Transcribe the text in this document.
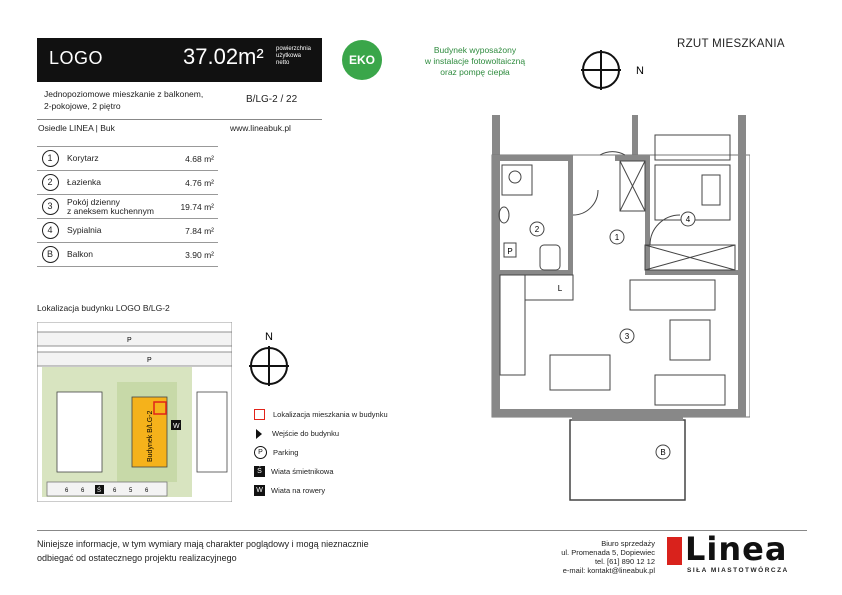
LOGO	37.02m² powierzchnia
użytkowa
netto
Jednopoziomowe mieszkanie z balkonem,
2-pokojowe, 2 piętro
B/LG-2 / 22
Osiedle LINEA | Buk	www.lineabuk.pl
1	Korytarz	4.68 m²
2	Łazienka	4.76 m²
3	Pokój dzienny
z aneksem kuchennym	19.74 m²
4	Sypialnia	7.84 m²
B	Balkon	3.90 m²
EKO
Budynek wyposażony
w instalacje fotowoltaiczną
oraz pompę ciepła	N
RZUT MIESZKANIA
1
2
3
4
B
P
L
Lokalizacja budynku LOGO B/LG-2
Budynek B/LG-2	W
P
P
6 6 Ś 6 5 6
N
Lokalizacja mieszkania w budynku
Wejście do budynku
P	Parking
Ś	Wiata śmietnikowa
W Wiata na rowery
Niniejsze informacje, w tym wymiary mają charakter poglądowy i mogą nieznacznie
odbiegać od ostatecznego projektu realizacyjnego
Biuro sprzedaży
ul. Promenada 5, Dopiewiec
tel. [61] 890 12 12
e-mail: kontakt@lineabuk.pl
Linea
SIŁA MIASTOTWÓRCZA
